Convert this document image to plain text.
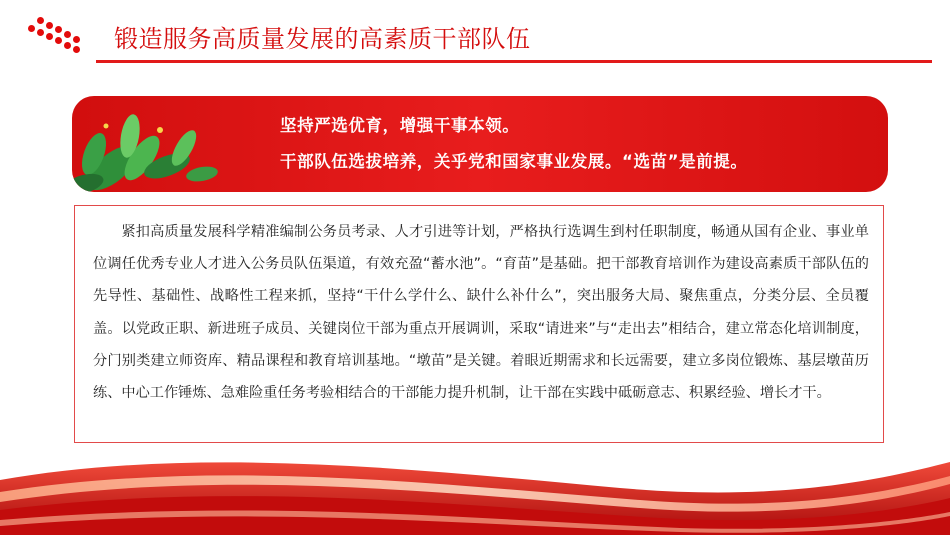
锻造服务高质量发展的高素质干部队伍
坚持严选优育，增强干事本领。
干部队伍选拔培养，关乎党和国家事业发展。“选苗”是前提。

紧扣高质量发展科学精准编制公务员考录、人才引进等计划，严格执行选调生到村任职制度，畅通从国有企业、事业单位调任优秀专业人才进入公务员队伍渠道，有效充盈“蓄水池”。“育苗”是基础。把干部教育培训作为建设高素质干部队伍的先导性、基础性、战略性工程来抓，坚持“干什么学什么、缺什么补什么”，突出服务大局、聚焦重点，分类分层、全员覆盖。以党政正职、新进班子成员、关键岗位干部为重点开展调训，采取“请进来”与“走出去”相结合，建立常态化培训制度，分门别类建立师资库、精品课程和教育培训基地。“墩苗”是关键。着眼近期需求和长远需要，建立多岗位锻炼、基层墩苗历练、中心工作锤炼、急难险重任务考验相结合的干部能力提升机制，让干部在实践中砥砺意志、积累经验、增长才干。
